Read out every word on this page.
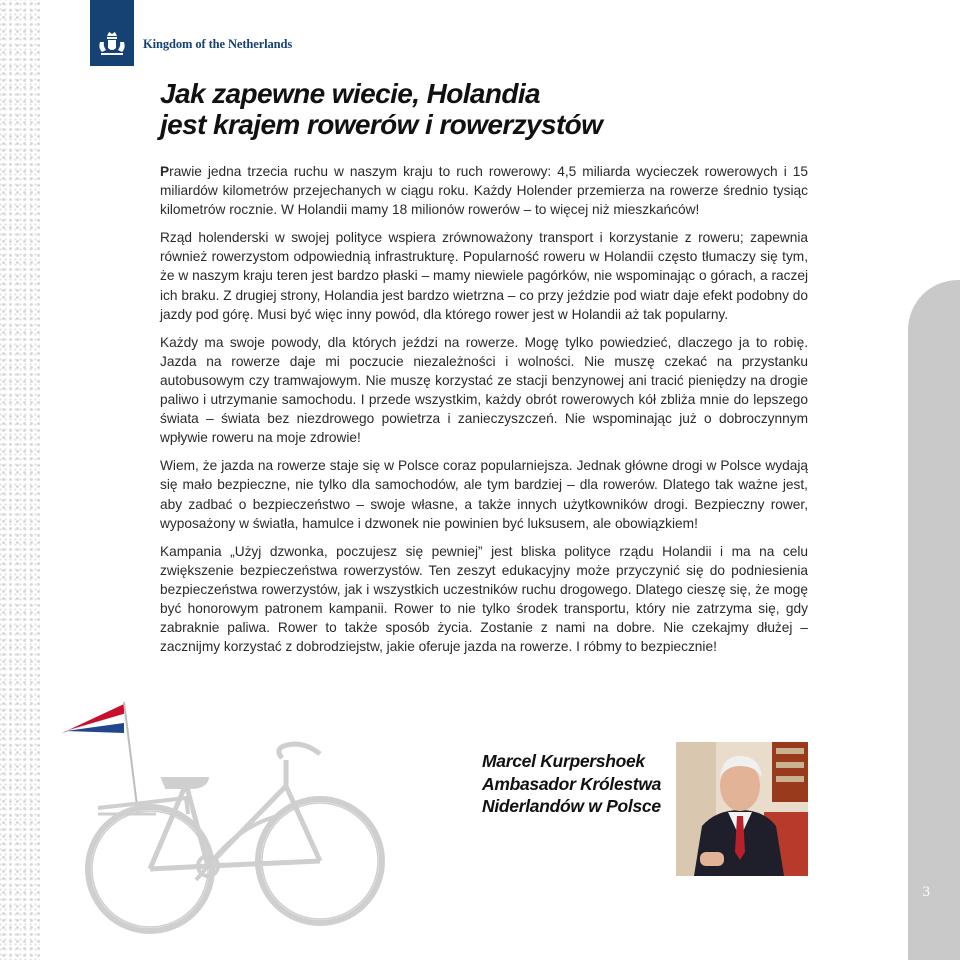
Kingdom of the Netherlands
Jak zapewne wiecie, Holandia
jest krajem rowerów i rowerzystów

Prawie jedna trzecia ruchu w naszym kraju to ruch rowerowy: 4,5 miliarda wycieczek rowerowych i 15 miliardów kilometrów przejechanych w ciągu roku. Każdy Holender przemierza na rowerze średnio tysiąc kilometrów rocznie. W Holandii mamy 18 milionów rowerów – to więcej niż mieszkańców!

Rząd holenderski w swojej polityce wspiera zrównoważony transport i korzystanie z roweru; zapewnia również rowerzystom odpowiednią infrastrukturę. Popularność roweru w Holandii często tłumaczy się tym, że w naszym kraju teren jest bardzo płaski – mamy niewiele pagórków, nie wspominając o górach, a raczej ich braku. Z drugiej strony, Holandia jest bardzo wietrzna – co przy jeździe pod wiatr daje efekt podobny do jazdy pod górę. Musi być więc inny powód, dla którego rower jest w Holandii aż tak popularny.

Każdy ma swoje powody, dla których jeździ na rowerze. Mogę tylko powiedzieć, dlaczego ja to robię. Jazda na rowerze daje mi poczucie niezależności i wolności. Nie muszę czekać na przystanku autobusowym czy tramwajowym. Nie muszę korzystać ze stacji benzynowej ani tracić pieniędzy na drogie paliwo i utrzymanie samochodu. I przede wszystkim, każdy obrót rowerowych kół zbliża mnie do lepszego świata – świata bez niezdrowego powietrza i zanieczyszczeń. Nie wspominając już o dobroczynnym wpływie roweru na moje zdrowie!

Wiem, że jazda na rowerze staje się w Polsce coraz popularniejsza. Jednak główne drogi w Polsce wydają się mało bezpieczne, nie tylko dla samochodów, ale tym bardziej – dla rowerów. Dlatego tak ważne jest, aby zadbać o bezpieczeństwo – swoje własne, a także innych użytkowników drogi. Bezpieczny rower, wyposażony w światła, hamulce i dzwonek nie powinien być luksusem, ale obowiązkiem!

Kampania „Użyj dzwonka, poczujesz się pewniej” jest bliska polityce rządu Holandii i ma na celu zwiększenie bezpieczeństwa rowerzystów. Ten zeszyt edukacyjny może przyczynić się do podniesienia bezpieczeństwa rowerzystów, jak i wszystkich uczestników ruchu drogowego. Dlatego cieszę się, że mogę być honorowym patronem kampanii. Rower to nie tylko środek transportu, który nie zatrzyma się, gdy zabraknie paliwa. Rower to także sposób życia. Zostanie z nami na dobre. Nie czekajmy dłużej – zacznijmy korzystać z dobrodziejstw, jakie oferuje jazda na rowerze. I róbmy to bezpiecznie!

3
Marcel Kurpershoek
Ambasador Królestwa
Niderlandów w Polsce
